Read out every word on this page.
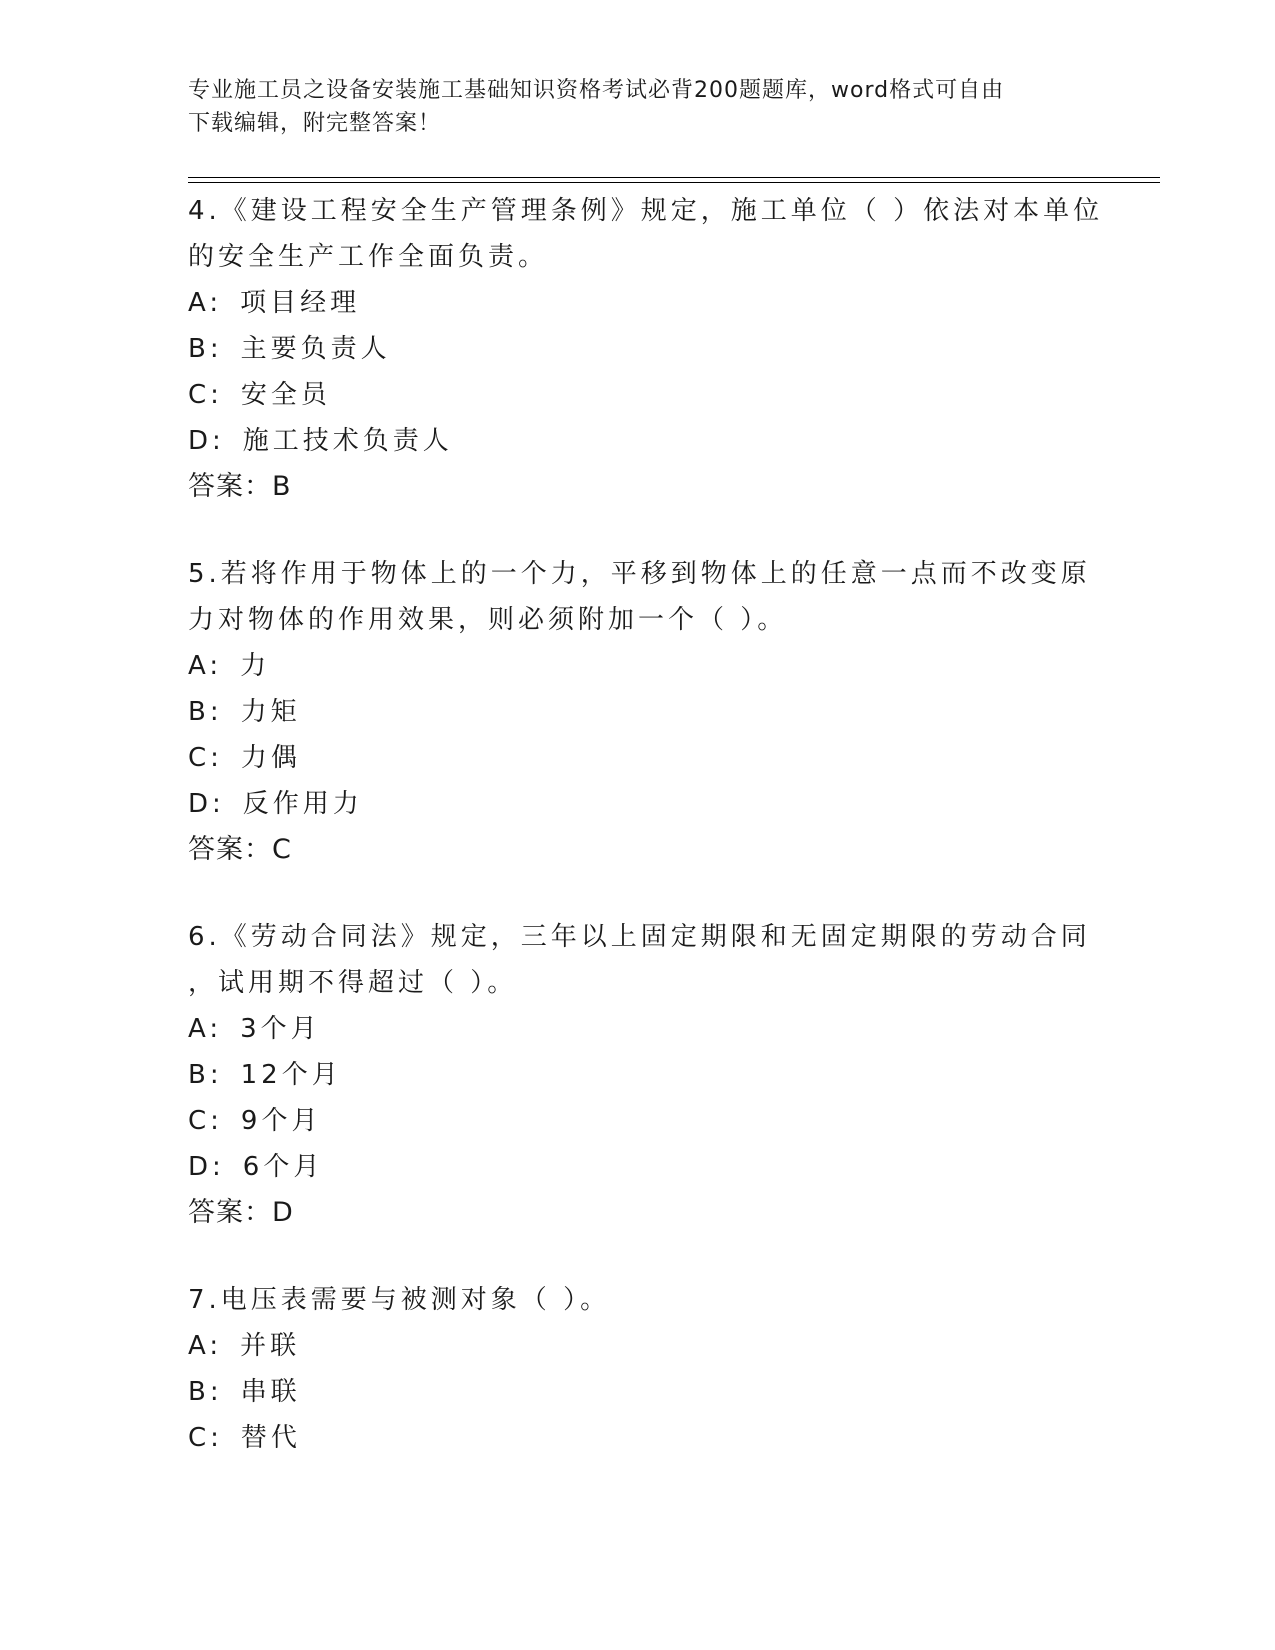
专业施工员之设备安装施工基础知识资格考试必背200题题库，word格式可自由
下载编辑，附完整答案！
4.《建设工程安全生产管理条例》规定，施工单位（ ）依法对本单位
的安全生产工作全面负责。
A: 项目经理
B: 主要负责人
C: 安全员
D: 施工技术负责人
答案：B
5.若将作用于物体上的一个力，平移到物体上的任意一点而不改变原
力对物体的作用效果，则必须附加一个（ ）。
A: 力
B: 力矩
C: 力偶
D: 反作用力
答案：C
6.《劳动合同法》规定，三年以上固定期限和无固定期限的劳动合同
，试用期不得超过（ ）。
A: 3个月
B: 12个月
C: 9个月
D: 6个月
答案：D
7.电压表需要与被测对象（ ）。
A: 并联
B: 串联
C: 替代
